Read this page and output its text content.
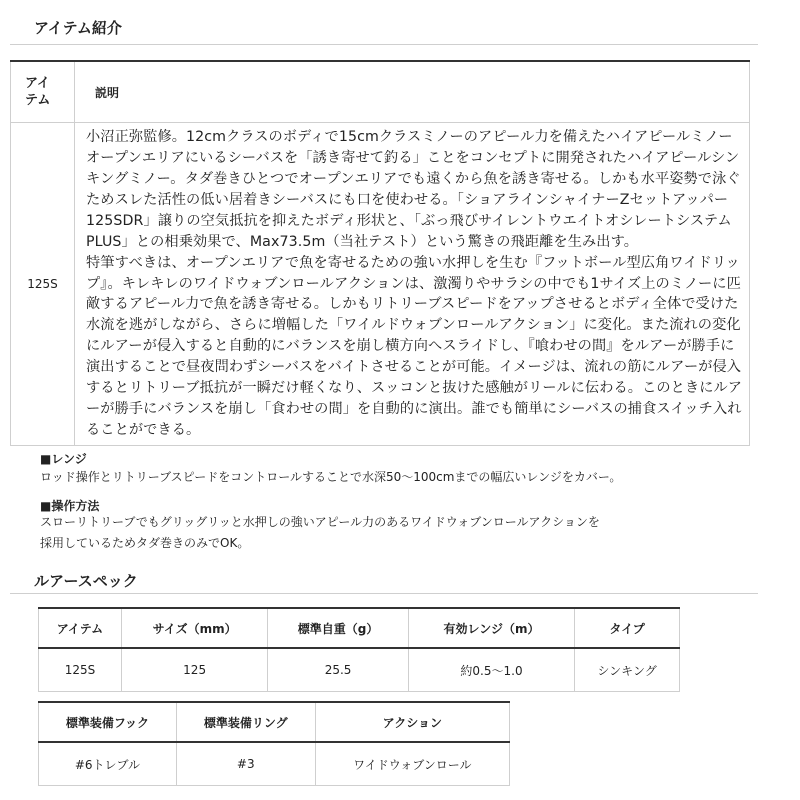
アイテム紹介
アイ
テム	説明
125S	小沼正弥監修。12cmクラスのボディで15cmクラスミノーのアピール力を備えたハイアピールミノー オープンエリアにいるシーバスを「誘き寄せて釣る」ことをコンセプトに開発されたハイアピールシンキングミノー。タダ巻きひとつでオープンエリアでも遠くから魚を誘き寄せる。しかも水平姿勢で泳ぐためスレた活性の低い居着きシーバスにも口を使わせる。「ショアラインシャイナーZセットアッパー125SDR」譲りの空気抵抗を抑えたボディ形状と、「ぶっ飛びサイレントウエイトオシレートシステムPLUS」との相乗効果で、Max73.5m（当社テスト）という驚きの飛距離を生み出す。
特筆すべきは、オープンエリアで魚を寄せるための強い水押しを生む『フットボール型広角ワイドリップ』。キレキレのワイドウォブンロールアクションは、激濁りやサラシの中でも1サイズ上のミノーに匹敵するアピール力で魚を誘き寄せる。しかもリトリーブスピードをアップさせるとボディ全体で受けた水流を逃がしながら、さらに増幅した「ワイルドウォブンロールアクション」に変化。また流れの変化にルアーが侵入すると自動的にバランスを崩し横方向へスライドし、『喰わせの間』をルアーが勝手に演出することで昼夜問わずシーバスをバイトさせることが可能。イメージは、流れの筋にルアーが侵入するとリトリーブ抵抗が一瞬だけ軽くなり、スッコンと抜けた感触がリールに伝わる。このときにルアーが勝手にバランスを崩し「食わせの間」を自動的に演出。誰でも簡単にシーバスの捕食スイッチ入れることができる。
■レンジ
ロッド操作とリトリーブスピードをコントロールすることで水深50～100cmまでの幅広いレンジをカバー。
■操作方法
スローリトリーブでもグリッグリッと水押しの強いアピール力のあるワイドウォブンロールアクションを
採用しているためタダ巻きのみでOK。
ルアースペック
アイテム	サイズ（mm）	標準自重（g）	有効レンジ（m）	タイプ
125S	125	25.5	約0.5～1.0	シンキング
標準装備フック	標準装備リング	アクション
#6トレブル	#3	ワイドウォブンロール
